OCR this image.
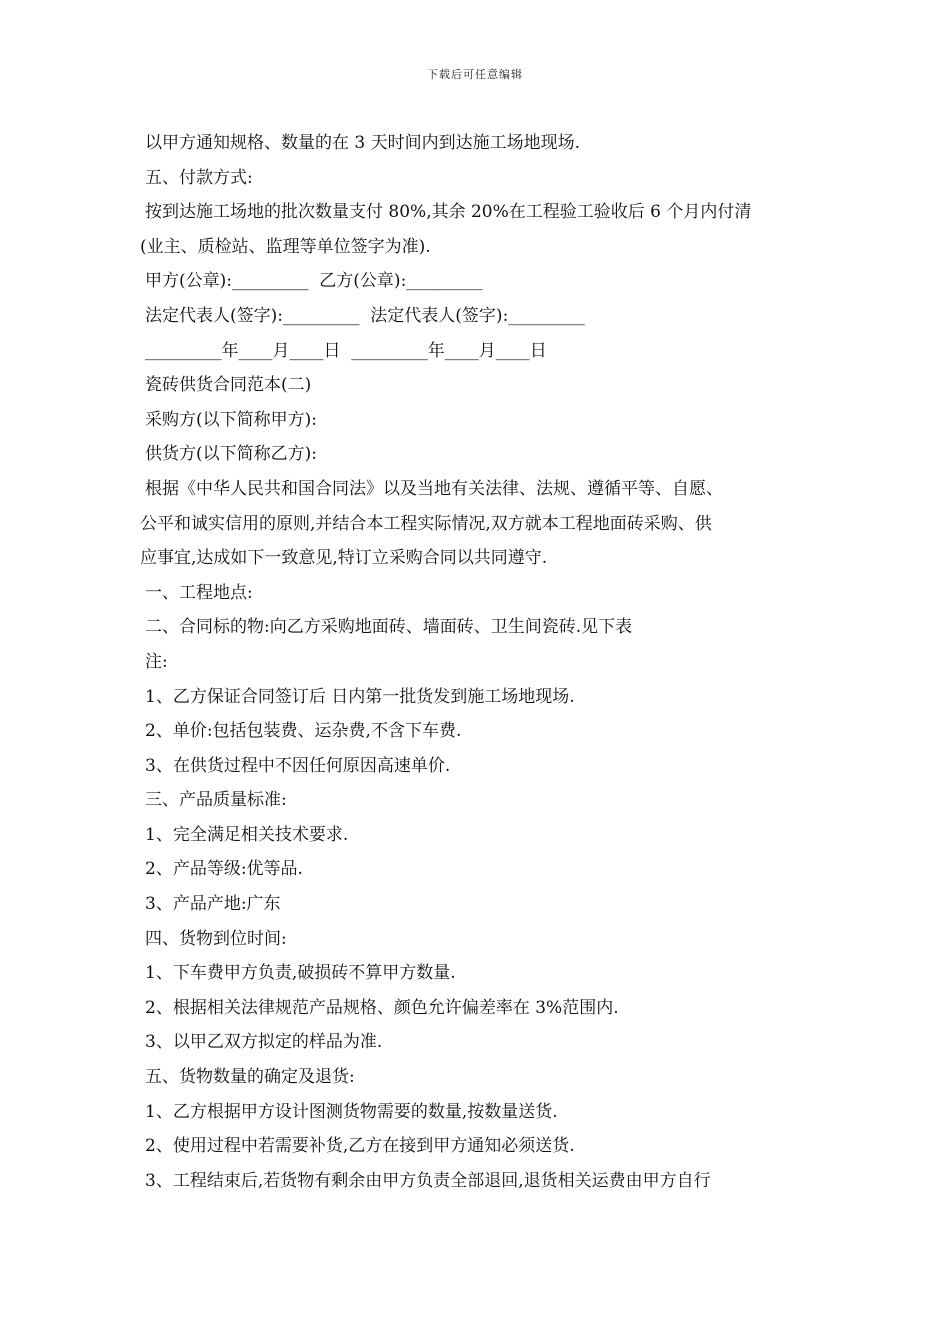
下载后可任意编辑
以甲方通知规格、数量的在 3 天时间内到达施工场地现场.
五、付款方式:
按到达施工场地的批次数量支付 80%,其余 20%在工程验工验收后 6 个月内付清
(业主、质检站、监理等单位签字为准).
甲方(公章):_________  乙方(公章):_________
法定代表人(签字):_________  法定代表人(签字):_________
_________年____月____日  _________年____月____日
瓷砖供货合同范本(二)
采购方(以下简称甲方):
供货方(以下简称乙方):
根据《中华人民共和国合同法》以及当地有关法律、法规、遵循平等、自愿、
公平和诚实信用的原则,并结合本工程实际情况,双方就本工程地面砖采购、供
应事宜,达成如下一致意见,特订立采购合同以共同遵守.
一、工程地点:
二、合同标的物:向乙方采购地面砖、墙面砖、卫生间瓷砖.见下表
注:
1、乙方保证合同签订后 日内第一批货发到施工场地现场.
2、单价:包括包装费、运杂费,不含下车费.
3、在供货过程中不因任何原因高速单价.
三、产品质量标准:
1、完全满足相关技术要求.
2、产品等级:优等品.
3、产品产地:广东
四、货物到位时间:
1、下车费甲方负责,破损砖不算甲方数量.
2、根据相关法律规范产品规格、颜色允许偏差率在 3%范围内.
3、以甲乙双方拟定的样品为准.
五、货物数量的确定及退货:
1、乙方根据甲方设计图测货物需要的数量,按数量送货.
2、使用过程中若需要补货,乙方在接到甲方通知必须送货.
3、工程结束后,若货物有剩余由甲方负责全部退回,退货相关运费由甲方自行
